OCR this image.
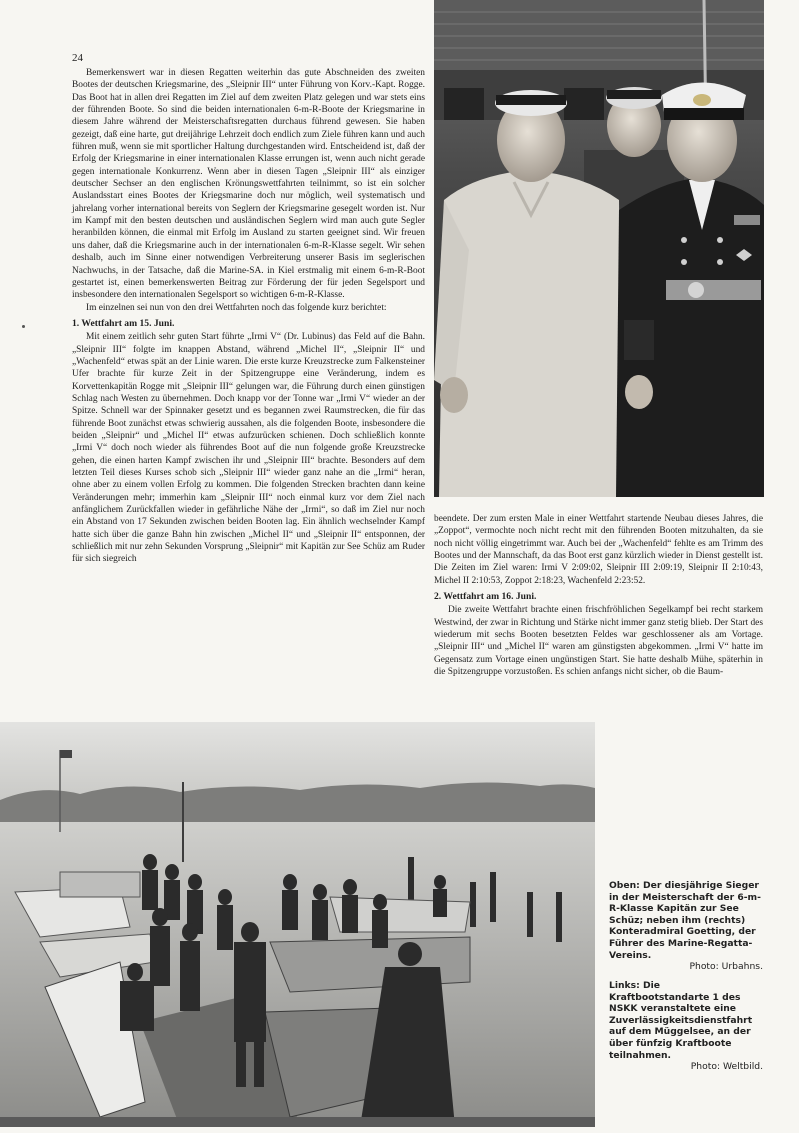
24

Bemerkenswert war in diesen Regatten weiterhin das gute Abschneiden des zweiten Bootes der deutschen Kriegsmarine, des „Sleipnir III“ unter Führung von Korv.-Kapt. Rogge. Das Boot hat in allen drei Regatten im Ziel auf dem zweiten Platz gelegen und war stets eins der führenden Boote. So sind die beiden internationalen 6-m-R-Boote der Kriegsmarine in diesem Jahre während der Meisterschaftsregatten durchaus führend gewesen. Sie haben gezeigt, daß eine harte, gut dreijährige Lehrzeit doch endlich zum Ziele führen kann und auch führen muß, wenn sie mit sportlicher Haltung durchgestanden wird. Entscheidend ist, daß der Erfolg der Kriegsmarine in einer internationalen Klasse errungen ist, wenn auch nicht gerade gegen internationale Konkurrenz. Wenn aber in diesen Tagen „Sleipnir III“ als einziger deutscher Sechser an den englischen Krönungswettfahrten teilnimmt, so ist ein solcher Auslandsstart eines Bootes der Kriegsmarine doch nur möglich, weil systematisch und jahrelang vorher international bereits von Seglern der Kriegsmarine gesegelt worden ist. Nur im Kampf mit den besten deutschen und ausländischen Seglern wird man auch gute Segler heranbilden können, die einmal mit Erfolg im Ausland zu starten geeignet sind. Wir freuen uns daher, daß die Kriegsmarine auch in der internationalen 6-m-R-Klasse segelt. Wir sehen deshalb, auch im Sinne einer notwendigen Verbreiterung unserer Basis im seglerischen Nachwuchs, in der Tatsache, daß die Marine-SA. in Kiel erstmalig mit einem 6-m-R-Boot gestartet ist, einen bemerkenswerten Beitrag zur Förderung der für jeden Segelsport und insbesondere den internationalen Segelsport so wichtigen 6-m-R-Klasse.

Im einzelnen sei nun von den drei Wettfahrten noch das folgende kurz berichtet:

1. Wettfahrt am 15. Juni.

Mit einem zeitlich sehr guten Start führte „Irmi V“ (Dr. Lubinus) das Feld auf die Bahn. „Sleipnir III“ folgte im knappen Abstand, während „Michel II“, „Sleipnir II“ und „Wachenfeld“ etwas spät an der Linie waren. Die erste kurze Kreuzstrecke zum Falkensteiner Ufer brachte für kurze Zeit in der Spitzengruppe eine Veränderung, indem es Korvettenkapitän Rogge mit „Sleipnir III“ gelungen war, die Führung durch einen günstigen Schlag nach Westen zu übernehmen. Doch knapp vor der Tonne war „Irmi V“ wieder an der Spitze. Schnell war der Spinnaker gesetzt und es begannen zwei Raumstrecken, die für das führende Boot zunächst etwas schwierig aussahen, als die folgenden Boote, insbesondere die beiden „Sleipnir“ und „Michel II“ etwas aufzurücken schienen. Doch schließlich konnte „Irmi V“ doch noch wieder als führendes Boot auf die nun folgende große Kreuzstrecke gehen, die einen harten Kampf zwischen ihr und „Sleipnir III“ brachte. Besonders auf dem letzten Teil dieses Kurses schob sich „Sleipnir III“ wieder ganz nahe an die „Irmi“ heran, ohne aber zu einem vollen Erfolg zu kommen. Die folgenden Strecken brachten dann keine Veränderungen mehr; immerhin kam „Sleipnir III“ noch einmal kurz vor dem Ziel nach anfänglichem Zurückfallen wieder in gefährliche Nähe der „Irmi“, so daß im Ziel nur noch ein Abstand von 17 Sekunden zwischen beiden Booten lag. Ein ähnlich wechselnder Kampf hatte sich über die ganze Bahn hin zwischen „Michel II“ und „Sleipnir II“ entsponnen, der schließlich mit nur zehn Sekunden Vorsprung „Sleipnir“ mit Kapitän zur See Schüz am Ruder für sich siegreich

beendete. Der zum ersten Male in einer Wettfahrt startende Neubau dieses Jahres, die „Zoppot“, vermochte noch nicht recht mit den führenden Booten mitzuhalten, da sie noch nicht völlig eingetrimmt war. Auch bei der „Wachenfeld“ fehlte es am Trimm des Bootes und der Mannschaft, da das Boot erst ganz kürzlich wieder in Dienst gestellt ist. Die Zeiten im Ziel waren: Irmi V 2:09:02, Sleipnir III 2:09:19, Sleipnir II 2:10:43, Michel II 2:10:53, Zoppot 2:18:23, Wachenfeld 2:23:52.

2. Wettfahrt am 16. Juni.

Die zweite Wettfahrt brachte einen frischfröhlichen Segelkampf bei recht starkem Westwind, der zwar in Richtung und Stärke nicht immer ganz stetig blieb. Der Start des wiederum mit sechs Booten besetzten Feldes war geschlossener als am Vortage. „Sleipnir III“ und „Michel II“ waren am günstigsten abgekommen. „Irmi V“ hatte im Gegensatz zum Vortage einen ungünstigen Start. Sie hatte deshalb Mühe, späterhin in die Spitzengruppe vorzustoßen. Es schien anfangs nicht sicher, ob die Baum-

Oben: Der diesjährige Sieger in der Meisterschaft der 6-m-R-Klasse Kapitän zur See Schüz; neben ihm (rechts) Konteradmiral Goetting, der Führer des Marine-Regatta-Vereins.
Photo: Urbahns.
Links: Die Kraftbootstandarte 1 des NSKK veranstaltete eine Zuverlässigkeitsdienstfahrt auf dem Müggelsee, an der über fünfzig Kraftboote teilnahmen.
Photo: Weltbild.
